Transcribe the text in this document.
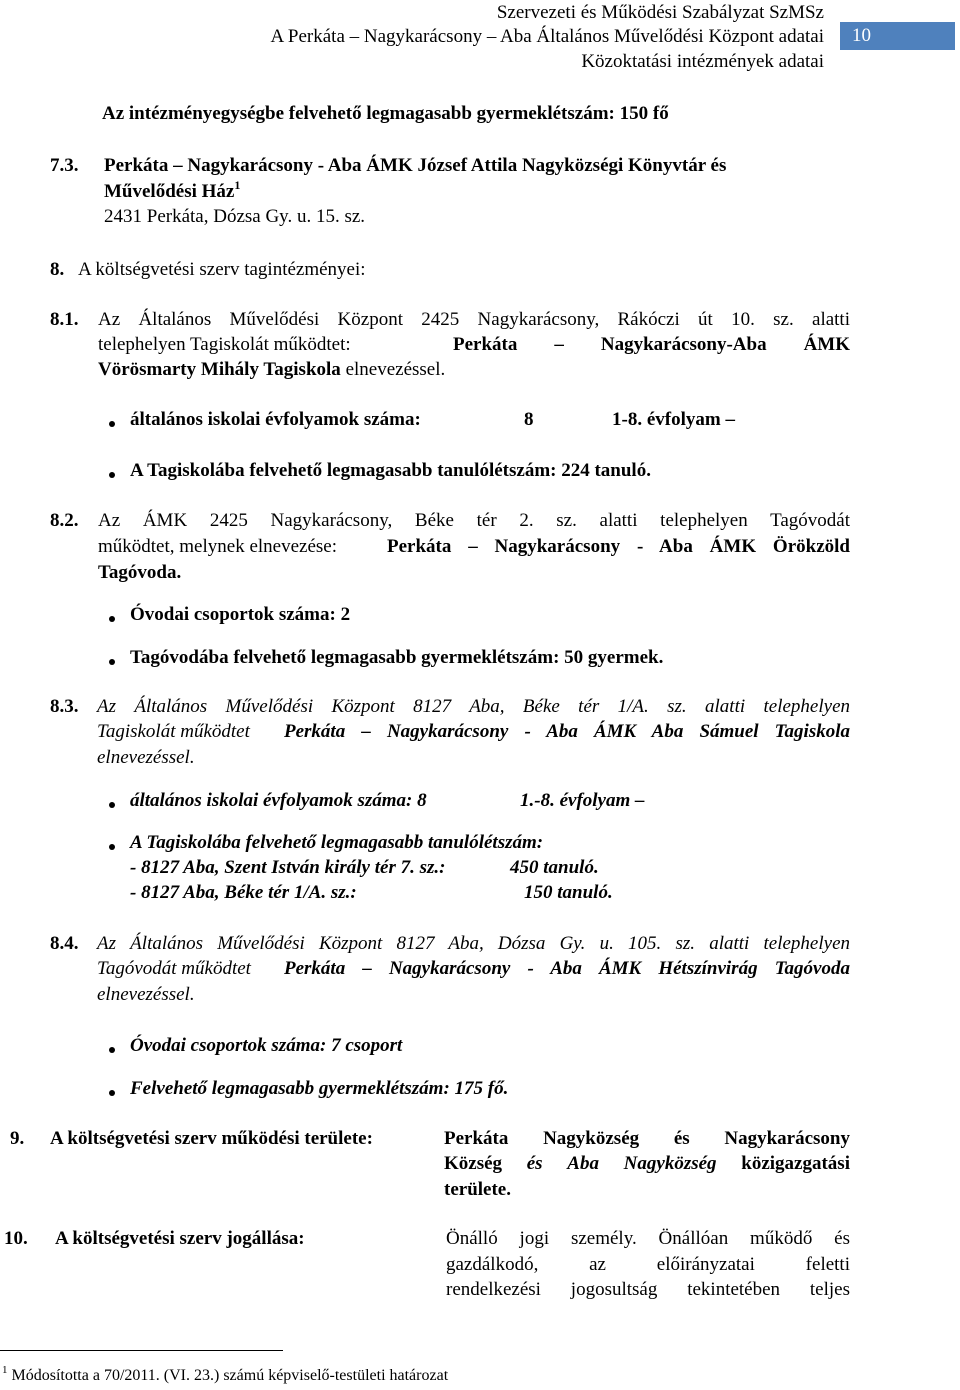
Szervezeti és Működési Szabályzat SzMSz
A Perkáta – Nagykarácsony – Aba Általános Művelődési Központ adatai
Közoktatási intézmények adatai
10
Az intézményegységbe felvehető legmagasabb gyermeklétszám: 150 fő
7.3. Perkáta – Nagykarácsony - Aba ÁMK József Attila Nagyközségi Könyvtár és
Művelődési Ház$^1$
2431 Perkáta, Dózsa Gy. u. 15. sz.
8. A költségvetési szerv tagintézményei:
8.1. Az Általános Művelődési Központ 2425 Nagykarácsony, Rákóczi út 10. sz. alatti
telephelyen Tagiskolát működtet:	Perkáta – Nagykarácsony-Aba ÁMK
Vörösmarty Mihály Tagiskola elnevezéssel.
általános iskolai évfolyamok száma:	8	1-8. évfolyam –
A Tagiskolába felvehető legmagasabb tanulólétszám: 224 tanuló.
8.2. Az ÁMK 2425 Nagykarácsony, Béke tér 2. sz. alatti telephelyen Tagóvodát
működtet, melynek elnevezése:	Perkáta – Nagykarácsony - Aba ÁMK Örökzöld
Tagóvoda.
Óvodai csoportok száma: 2
Tagóvodába felvehető legmagasabb gyermeklétszám: 50 gyermek.
8.3. Az Általános Művelődési Központ 8127 Aba, Béke tér 1/A. sz. alatti telephelyen
Tagiskolát működtet Perkáta – Nagykarácsony - Aba ÁMK Aba Sámuel Tagiskola
elnevezéssel.
általános iskolai évfolyamok száma: 8	1.-8. évfolyam –
A Tagiskolába felvehető legmagasabb tanulólétszám:
- 8127 Aba, Szent István király tér 7. sz.:	450 tanuló.
- 8127 Aba, Béke tér 1/A. sz.:	150 tanuló.
8.4. Az Általános Művelődési Központ 8127 Aba, Dózsa Gy. u. 105. sz. alatti telephelyen
Tagóvodát működtet Perkáta – Nagykarácsony - Aba ÁMK Hétszínvirág Tagóvoda
elnevezéssel.
Óvodai csoportok száma: 7 csoport
Felvehető legmagasabb gyermeklétszám: 175 fő.
9. A költségvetési szerv működési területe:	Perkáta Nagyközség és Nagykarácsony
Község és Aba Nagyközség közigazgatási
területe.
10. A költségvetési szerv jogállása:	Önálló jogi személy. Önállóan működő és
gazdálkodó, az előirányzatai feletti
rendelkezési jogosultság tekintetében teljes
$^1$ Módosította a 70/2011. (VI. 23.) számú képviselő-testületi határozat
